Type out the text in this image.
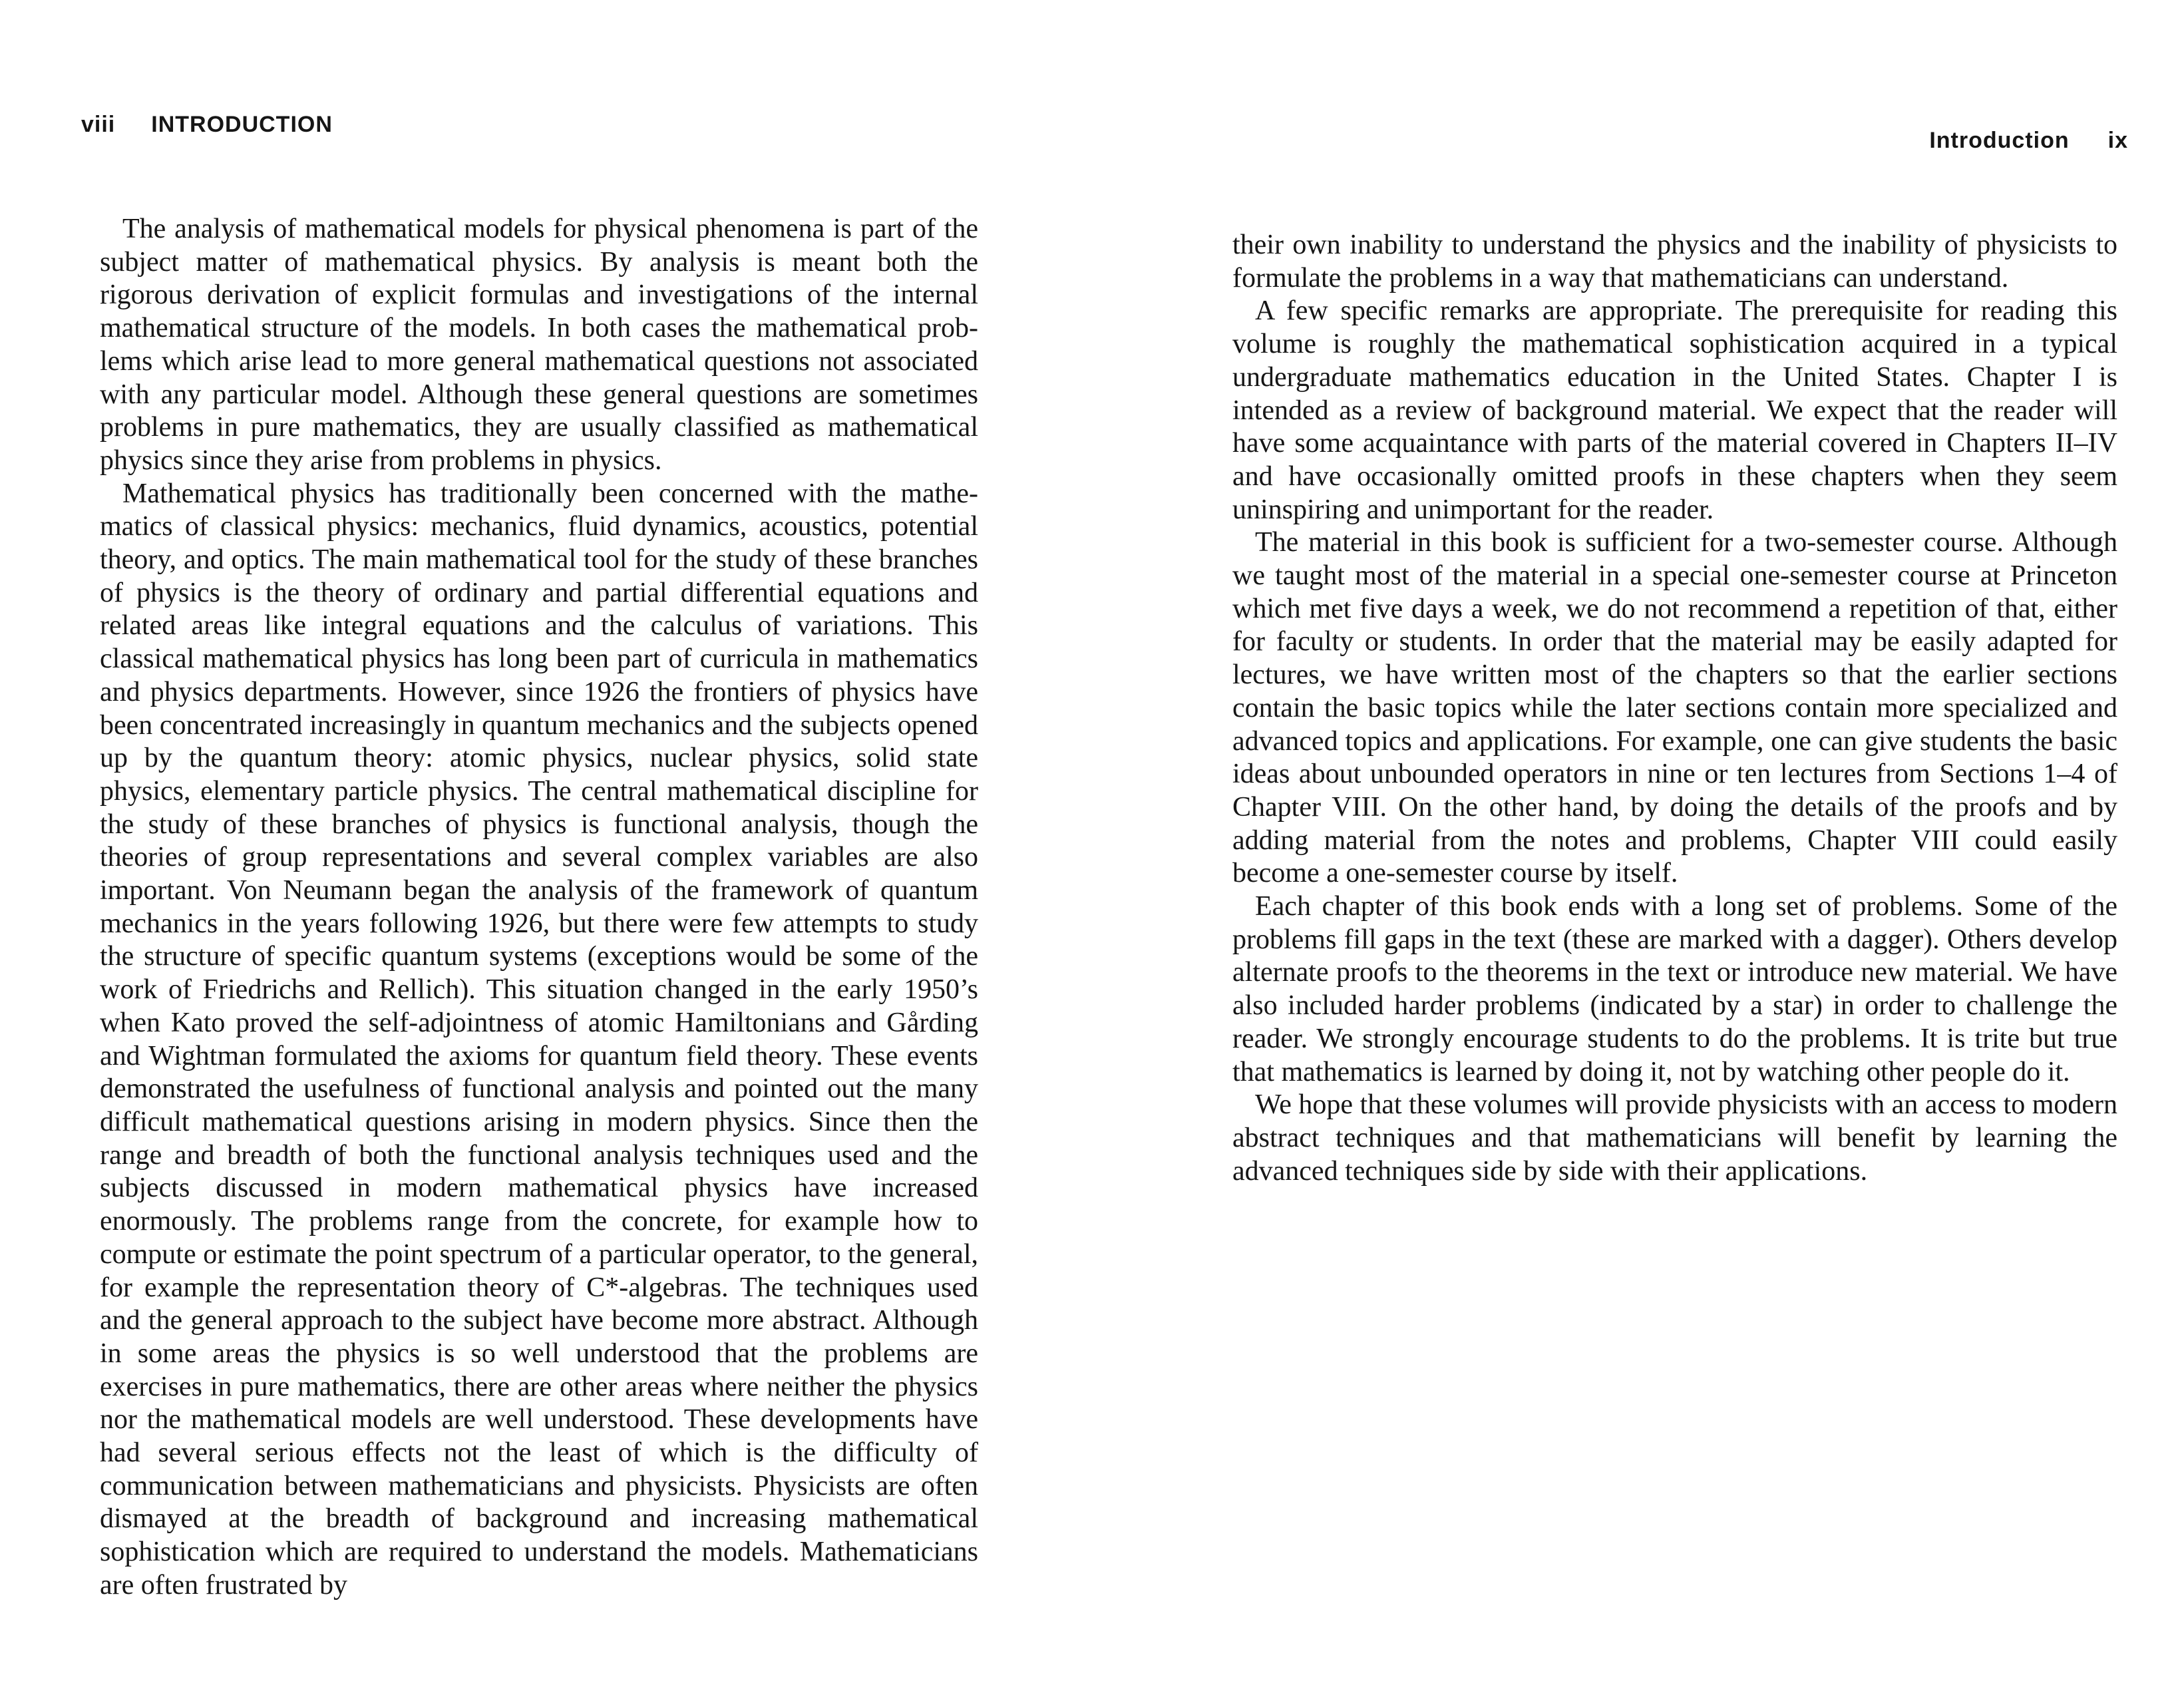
viii INTRODUCTION

The analysis of mathematical models for physical phenomena is part of the subject matter of mathematical physics. By analysis is meant both the rigorous derivation of explicit formulas and investigations of the internal mathematical structure of the models. In both cases the mathematical problems which arise lead to more general mathematical questions not associated with any particular model. Although these general questions are sometimes problems in pure mathematics, they are usually classified as mathematical physics since they arise from problems in physics.

Mathematical physics has traditionally been concerned with the mathematics of classical physics: mechanics, fluid dynamics, acoustics, potential theory, and optics. The main mathematical tool for the study of these branches of physics is the theory of ordinary and partial differential equations and related areas like integral equations and the calculus of variations. This classical mathematical physics has long been part of curricula in mathematics and physics departments. However, since 1926 the frontiers of physics have been concentrated increasingly in quantum mechanics and the subjects opened up by the quantum theory: atomic physics, nuclear physics, solid state physics, elementary particle physics. The central mathematical discipline for the study of these branches of physics is functional analysis, though the theories of group representations and several complex variables are also important. Von Neumann began the analysis of the framework of quantum mechanics in the years following 1926, but there were few attempts to study the structure of specific quantum systems (exceptions would be some of the work of Friedrichs and Rellich). This situation changed in the early 1950’s when Kato proved the self-adjointness of atomic Hamiltonians and Gårding and Wightman formulated the axioms for quantum field theory. These events demonstrated the usefulness of functional analysis and pointed out the many difficult mathematical questions arising in modern physics. Since then the range and breadth of both the functional analysis techniques used and the subjects discussed in modern mathematical physics have increased enormously. The problems range from the concrete, for example how to compute or estimate the point spectrum of a particular operator, to the general, for example the representation theory of C*-algebras. The techniques used and the general approach to the subject have become more abstract. Although in some areas the physics is so well understood that the problems are exercises in pure mathematics, there are other areas where neither the physics nor the mathematical models are well understood. These developments have had several serious effects not the least of which is the difficulty of communication between mathematicians and physicists. Physicists are often dismayed at the breadth of background and increasing mathematical sophistication which are required to understand the models. Mathematicians are often frustrated by

Introduction ix

their own inability to understand the physics and the inability of physicists to formulate the problems in a way that mathematicians can understand.

A few specific remarks are appropriate. The prerequisite for reading this volume is roughly the mathematical sophistication acquired in a typical undergraduate mathematics education in the United States. Chapter I is intended as a review of background material. We expect that the reader will have some acquaintance with parts of the material covered in Chapters II–IV and have occasionally omitted proofs in these chapters when they seem uninspiring and unimportant for the reader.

The material in this book is sufficient for a two-semester course. Although we taught most of the material in a special one-semester course at Princeton which met five days a week, we do not recommend a repetition of that, either for faculty or students. In order that the material may be easily adapted for lectures, we have written most of the chapters so that the earlier sections contain the basic topics while the later sections contain more specialized and advanced topics and applications. For example, one can give students the basic ideas about unbounded operators in nine or ten lectures from Sections 1–4 of Chapter VIII. On the other hand, by doing the details of the proofs and by adding material from the notes and problems, Chapter VIII could easily become a one-semester course by itself.

Each chapter of this book ends with a long set of problems. Some of the problems fill gaps in the text (these are marked with a dagger). Others develop alternate proofs to the theorems in the text or introduce new material. We have also included harder problems (indicated by a star) in order to challenge the reader. We strongly encourage students to do the problems. It is trite but true that mathematics is learned by doing it, not by watching other people do it.

We hope that these volumes will provide physicists with an access to modern abstract techniques and that mathematicians will benefit by learning the advanced techniques side by side with their applications.
